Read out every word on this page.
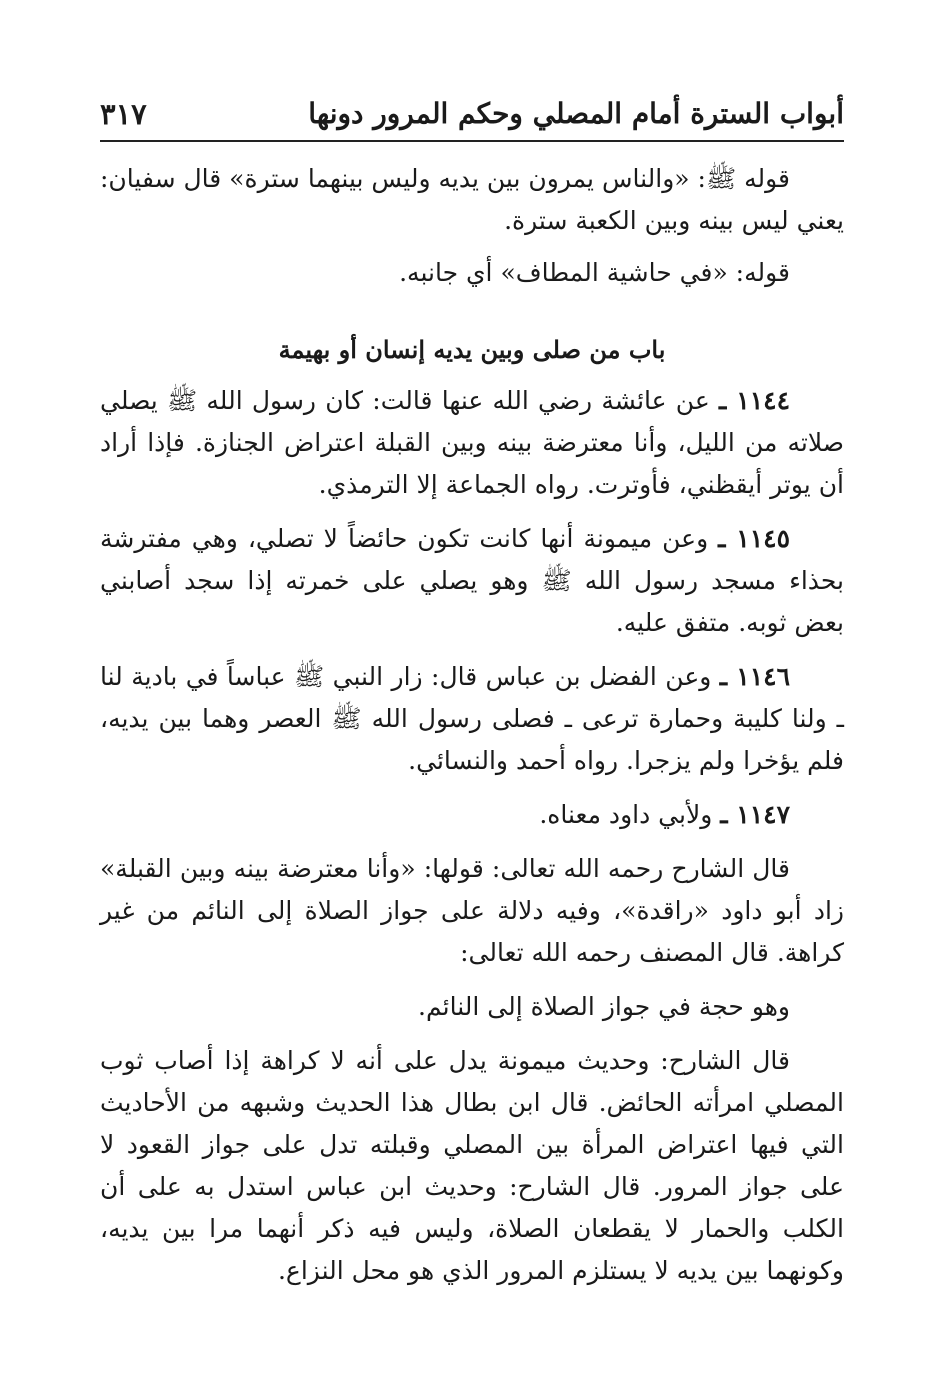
أبواب السترة أمام المصلي وحكم المرور دونها
٣١٧

قوله ﷺ: «والناس يمرون بين يديه وليس بينهما سترة» قال سفيان: يعني ليس بينه وبين الكعبة سترة.

قوله: «في حاشية المطاف» أي جانبه.

باب من صلى وبين يديه إنسان أو بهيمة

١١٤٤ ـ عن عائشة رضي الله عنها قالت: كان رسول الله ﷺ يصلي صلاته من الليل، وأنا معترضة بينه وبين القبلة اعتراض الجنازة. فإذا أراد أن يوتر أيقظني، فأوترت. رواه الجماعة إلا الترمذي.

١١٤٥ ـ وعن ميمونة أنها كانت تكون حائضاً لا تصلي، وهي مفترشة بحذاء مسجد رسول الله ﷺ وهو يصلي على خمرته إذا سجد أصابني بعض ثوبه. متفق عليه.

١١٤٦ ـ وعن الفضل بن عباس قال: زار النبي ﷺ عباساً في بادية لنا ـ ولنا كليبة وحمارة ترعى ـ فصلى رسول الله ﷺ العصر وهما بين يديه، فلم يؤخرا ولم يزجرا. رواه أحمد والنسائي.

١١٤٧ ـ ولأبي داود معناه.

قال الشارح رحمه الله تعالى: قولها: «وأنا معترضة بينه وبين القبلة» زاد أبو داود «راقدة»، وفيه دلالة على جواز الصلاة إلى النائم من غير كراهة. قال المصنف رحمه الله تعالى:

وهو حجة في جواز الصلاة إلى النائم.

قال الشارح: وحديث ميمونة يدل على أنه لا كراهة إذا أصاب ثوب المصلي امرأته الحائض. قال ابن بطال هذا الحديث وشبهه من الأحاديث التي فيها اعتراض المرأة بين المصلي وقبلته تدل على جواز القعود لا على جواز المرور. قال الشارح: وحديث ابن عباس استدل به على أن الكلب والحمار لا يقطعان الصلاة، وليس فيه ذكر أنهما مرا بين يديه، وكونهما بين يديه لا يستلزم المرور الذي هو محل النزاع.
